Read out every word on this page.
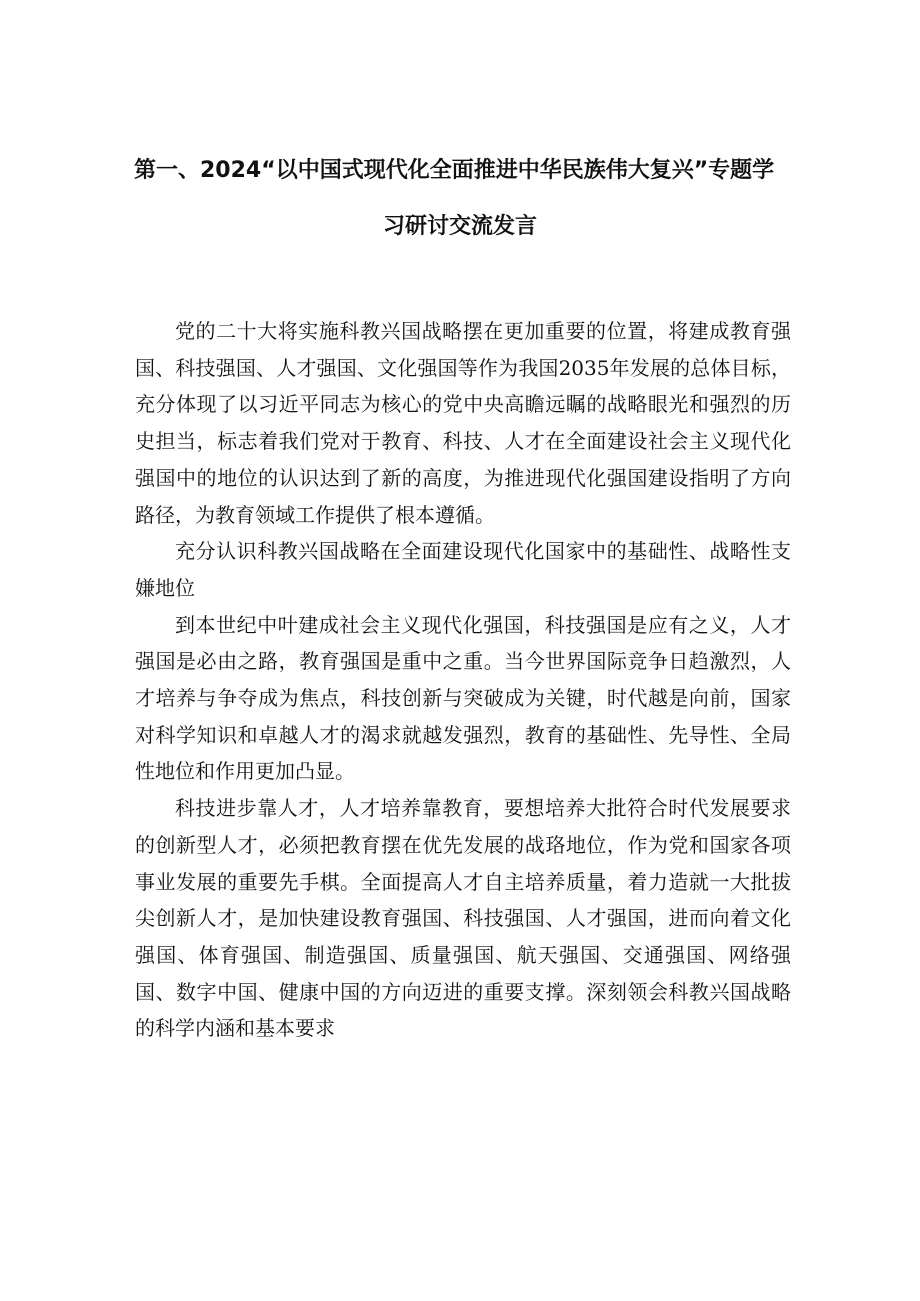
第一、2024“以中国式现代化全面推进中华民族伟大复兴”专题学
习研讨交流发言

党的二十大将实施科教兴国战略摆在更加重要的位置，将建成教育强国、科技强国、人才强国、文化强国等作为我国2035年发展的总体目标，充分体现了以习近平同志为核心的党中央高瞻远瞩的战略眼光和强烈的历史担当，标志着我们党对于教育、科技、人才在全面建设社会主义现代化强国中的地位的认识达到了新的高度，为推进现代化强国建设指明了方向路径，为教育领域工作提供了根本遵循。

充分认识科教兴国战略在全面建设现代化国家中的基础性、战略性支嫌地位

到本世纪中叶建成社会主义现代化强国，科技强国是应有之义，人才强国是必由之路，教育强国是重中之重。当今世界国际竞争日趋激烈，人才培养与争夺成为焦点，科技创新与突破成为关键，时代越是向前，国家对科学知识和卓越人才的渴求就越发强烈，教育的基础性、先导性、全局性地位和作用更加凸显。

科技进步靠人才，人才培养靠教育，要想培养大批符合时代发展要求的创新型人才，必须把教育摆在优先发展的战珞地位，作为党和国家各项事业发展的重要先手棋。全面提高人才自主培养质量，着力造就一大批拔尖创新人才，是加快建设教育强国、科技强国、人才强国，进而向着文化强国、体育强国、制造强国、质量强国、航天强国、交通强国、网络强国、数字中国、健康中国的方向迈进的重要支撑。深刻领会科教兴国战略的科学内涵和基本要求
